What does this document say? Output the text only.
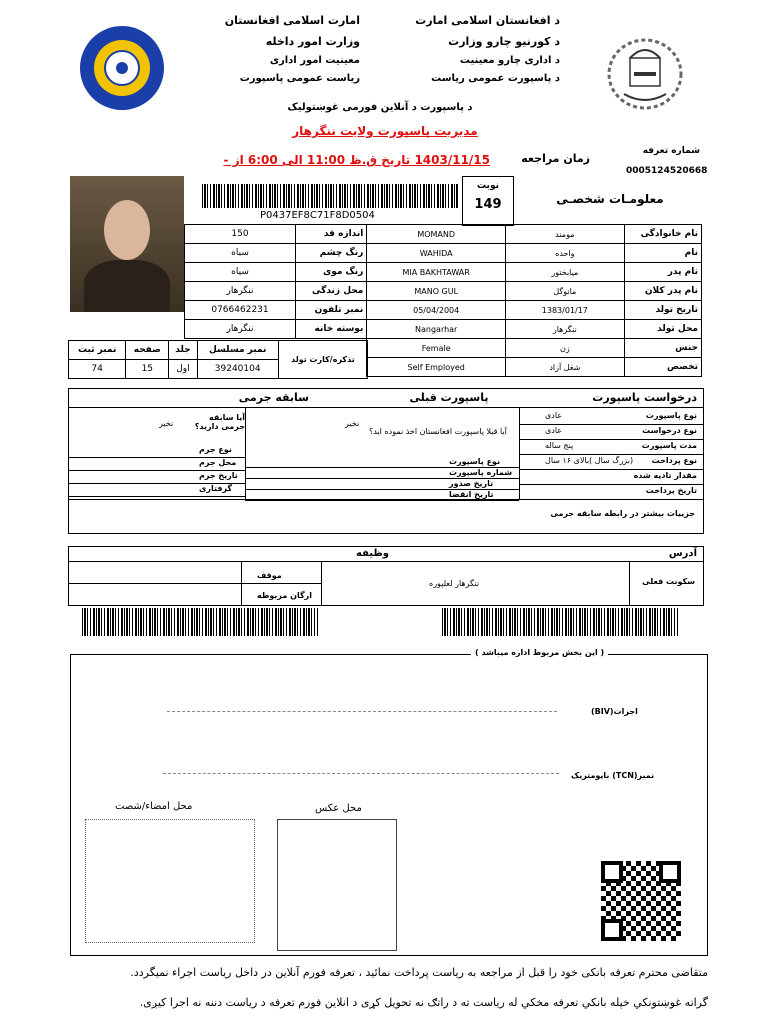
د افغانستان اسلامی امارت
د کورنیو چارو وزارت
د اداری چارو معینیت
د پاسپورت عمومی ریاست
امارت اسلامی افغانستان
وزارت امور داخله
معینیت امور اداری
ریاست عمومی پاسپورت
د پاسپورت د آنلاین فورمی غوښتولیک
مدیریت پاسپورت ولایت ننگرهار
شماره تعرفه
0005124520668
زمان مراجعه
1403/11/15 تاریخ ق.ظ 11:00 الی 6:00 از -
P0437EF8C71F8D0504
معلومـات شخصـی
نوبت
149
150	اندازه قد	MOMAND	مومند	نام خانوادگی
سیاه	رنگ چشم	WAHIDA	واحده	نام
سیاه	رنگ موی	MIA BAKHTAWAR	میابختور	نام پدر
ننگرهار	محل زندگی	MANO GUL	مانوگل	نام پدر کلان
0766462231	نمبر تلفون	05/04/2004	1383/01/17	تاریخ تولد
ننگرهار	بوسته خانه	Nangarhar	ننگرهار	محل تولد
		Female	زن	جنس
		Self Employed	شغل آزاد	تخصص
نمبر ثبت	صفحه	جلد	نمبر مسلسل	تذکره/کارت تولد
74	15	اول	39240104	
درخواست پاسپورت
پاسپورت قبلی
سابقه جرمی
نوع پاسپورت
عادی
نوع درخواست
عادی
مدت پاسپورت
پنج ساله
نوع پرداخت
(بزرگ سال )بالای ۱۶ سال
مقدار تادیه شده
تاریخ پرداخت
آیا قبلا پاسپورت افغانستان اخذ نموده اید؟
نخیر
نوع پاسپورت
شماره پاسپورت
تاریخ صدور
تاریخ انقضا
آیا سابقه جرمی دارید؟
نخیر
نوع جرم
محل جرم
تاریخ جرم
گرفتاری
جزییات بیشتر در رابطه سابقه جرمی
آدرس
وظیفه
سکونت فعلی
ننگرهار لعلپوره
موقف
ارگان مربوطه
( این بخش مربوط اداره میباشد )
اجرات(BIV)
نمبر(TCN) بایومتریک
محل عکس
محل امضاء/شصت
متقاضی محترم تعرفه بانکی خود را قبل از مراجعه به ریاست پرداخت نمائید ، تعرفه فورم آنلاین در داخل ریاست اجراء نمیگردد.
گرانه غوښتونکي خپله بانکي تعرفه مخکي له ریاست ته د راتګ نه تحویل کړی د انلاین فورم تعرفه د ریاست دننه نه اجرا کیږی.
